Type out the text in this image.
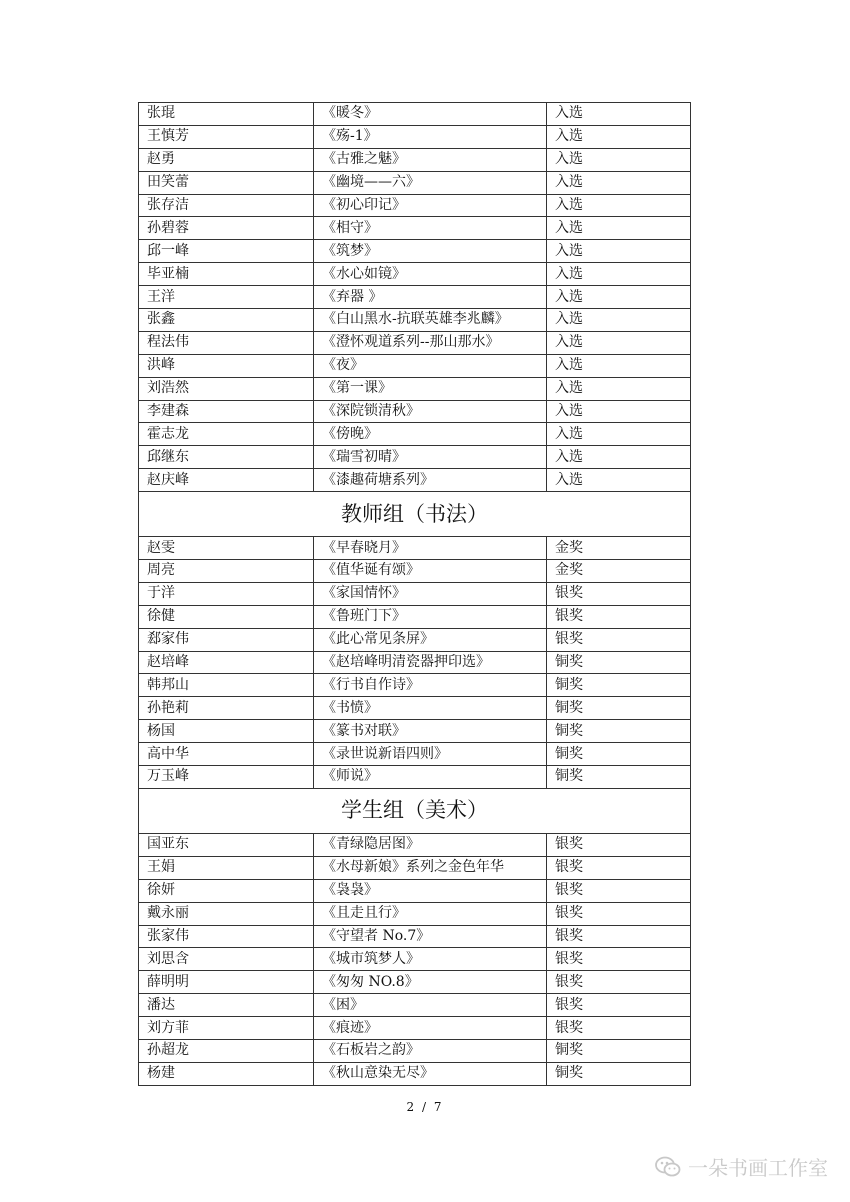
张琨	《暖冬》	入选
王慎芳	《殇-1》	入选
赵勇	《古雅之魅》	入选
田笑蕾	《幽境——六》	入选
张存洁	《初心印记》	入选
孙碧蓉	《相守》	入选
邱一峰	《筑梦》	入选
毕亚楠	《水心如镜》	入选
王洋	《弃器 》	入选
张鑫	《白山黑水-抗联英雄李兆麟》	入选
程法伟	《澄怀观道系列--那山那水》	入选
洪峰	《夜》	入选
刘浩然	《第一课》	入选
李建森	《深院锁清秋》	入选
霍志龙	《傍晚》	入选
邱继东	《瑞雪初晴》	入选
赵庆峰	《漆趣荷塘系列》	入选
教师组（书法）		
赵雯	《早春晓月》	金奖
周亮	《值华诞有颂》	金奖
于洋	《家国情怀》	银奖
徐健	《鲁班门下》	银奖
郄家伟	《此心常见条屏》	银奖
赵培峰	《赵培峰明清瓷器押印选》	铜奖
韩邦山	《行书自作诗》	铜奖
孙艳莉	《书愤》	铜奖
杨国	《篆书对联》	铜奖
高中华	《录世说新语四则》	铜奖
万玉峰	《师说》	铜奖
学生组（美术）		
国亚东	《青绿隐居图》	银奖
王娟	《水母新娘》系列之金色年华	银奖
徐妍	《袅袅》	银奖
戴永丽	《且走且行》	银奖
张家伟	《守望者 No.7》	银奖
刘思含	《城市筑梦人》	银奖
薛明明	《匆匆 NO.8》	银奖
潘达	《困》	银奖
刘方菲	《痕迹》	银奖
孙超龙	《石板岩之韵》	铜奖
杨建	《秋山意染无尽》	铜奖
2 / 7
一朵书画工作室
